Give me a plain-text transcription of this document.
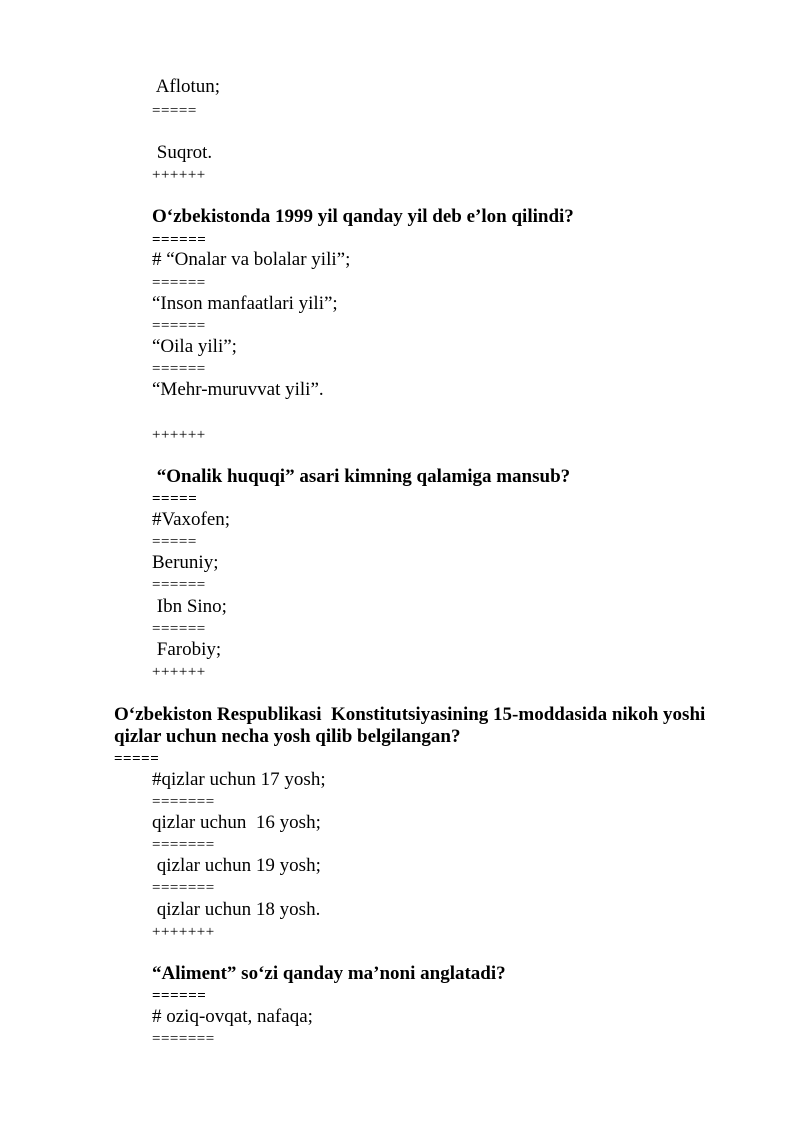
Aflotun;
=====
Suqrot.
++++++
O‘zbekistonda 1999 yil qanday yil deb e’lon qilindi?
======
# “Onalar va bolalar yili”;
======
“Inson manfaatlari yili”;
======
“Oila yili”;
======
“Mehr-muruvvat yili”.
++++++
“Onalik huquqi” asari kimning qalamiga mansub?
=====
#Vaxofen;
=====
Beruniy;
======
Ibn Sino;
======
Farobiy;
++++++
O‘zbekiston Respublikasi  Konstitutsiyasining 15-moddasida nikoh yoshi
qizlar uchun necha yosh qilib belgilangan?
=====
#qizlar uchun 17 yosh;
=======
qizlar uchun  16 yosh;
=======
qizlar uchun 19 yosh;
=======
qizlar uchun 18 yosh.
+++++++
“Aliment” so‘zi qanday ma’noni anglatadi?
======
# oziq-ovqat, nafaqa;
=======
